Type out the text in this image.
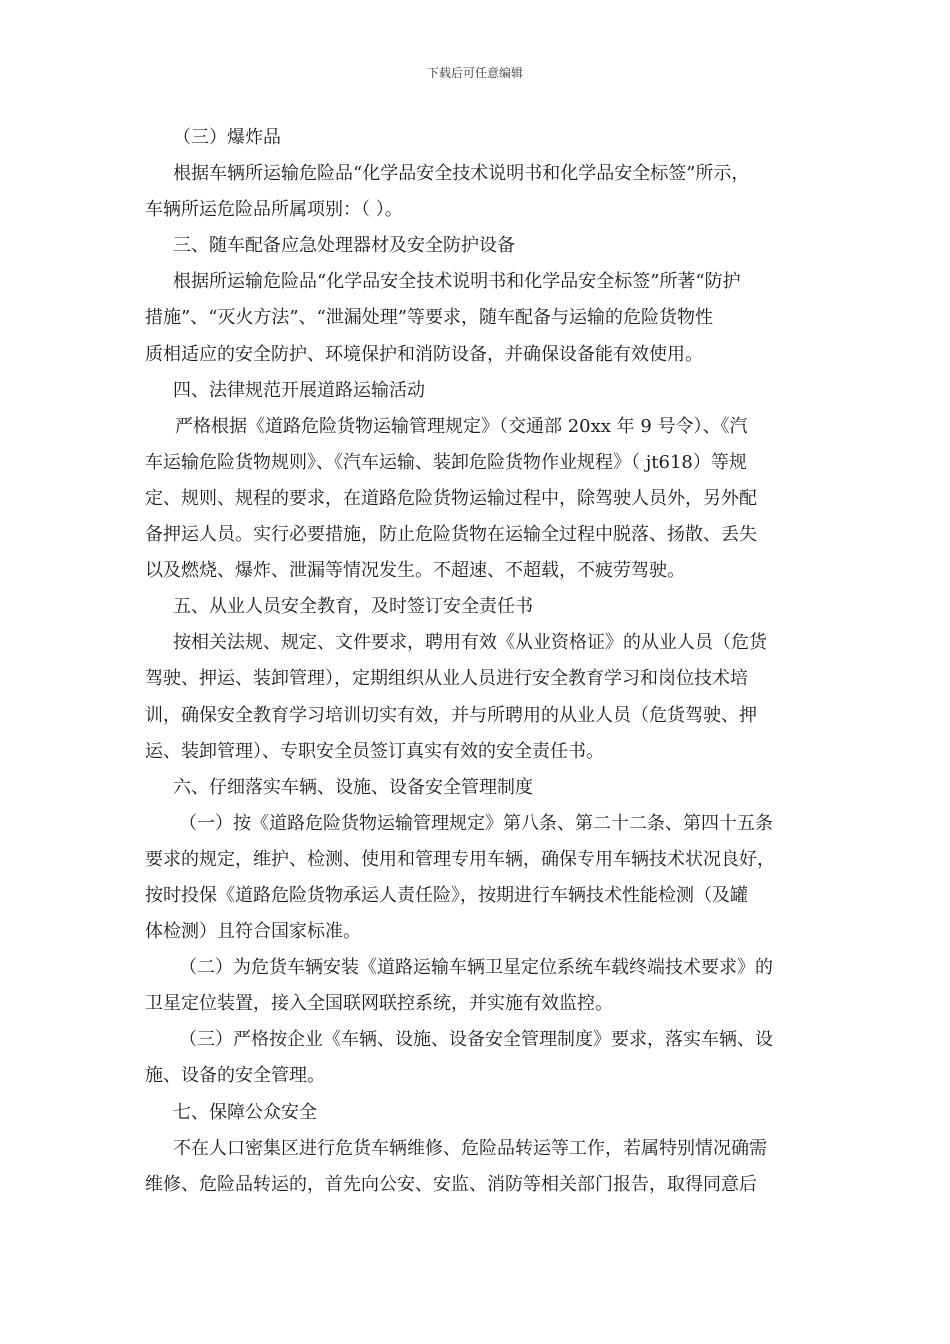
下载后可任意编辑
（三）爆炸品
根据车辆所运输危险品“化学品安全技术说明书和化学品安全标签”所示，
车辆所运危险品所属项别：（ ）。
三、随车配备应急处理器材及安全防护设备
根据所运输危险品“化学品安全技术说明书和化学品安全标签”所著“防护
措施”、“灭火方法”、“泄漏处理”等要求，随车配备与运输的危险货物性
质相适应的安全防护、环境保护和消防设备，并确保设备能有效使用。
四、法律规范开展道路运输活动
严格根据《道路危险货物运输管理规定》（交通部 20xx 年 9 号令）、《汽
车运输危险货物规则》、《汽车运输、装卸危险货物作业规程》（ jt618）等规
定、规则、规程的要求，在道路危险货物运输过程中，除驾驶人员外，另外配
备押运人员。实行必要措施，防止危险货物在运输全过程中脱落、扬散、丢失
以及燃烧、爆炸、泄漏等情况发生。不超速、不超载，不疲劳驾驶。
五、从业人员安全教育，及时签订安全责任书
按相关法规、规定、文件要求，聘用有效《从业资格证》的从业人员（危货
驾驶、押运、装卸管理），定期组织从业人员进行安全教育学习和岗位技术培
训，确保安全教育学习培训切实有效，并与所聘用的从业人员（危货驾驶、押
运、装卸管理）、专职安全员签订真实有效的安全责任书。
六、仔细落实车辆、设施、设备安全管理制度
（一）按《道路危险货物运输管理规定》第八条、第二十二条、第四十五条
要求的规定，维护、检测、使用和管理专用车辆，确保专用车辆技术状况良好，
按时投保《道路危险货物承运人责任险》，按期进行车辆技术性能检测（及罐
体检测）且符合国家标准。
（二）为危货车辆安装《道路运输车辆卫星定位系统车载终端技术要求》的
卫星定位装置，接入全国联网联控系统，并实施有效监控。
（三）严格按企业《车辆、设施、设备安全管理制度》要求，落实车辆、设
施、设备的安全管理。
七、保障公众安全
不在人口密集区进行危货车辆维修、危险品转运等工作，若属特别情况确需
维修、危险品转运的，首先向公安、安监、消防等相关部门报告，取得同意后
